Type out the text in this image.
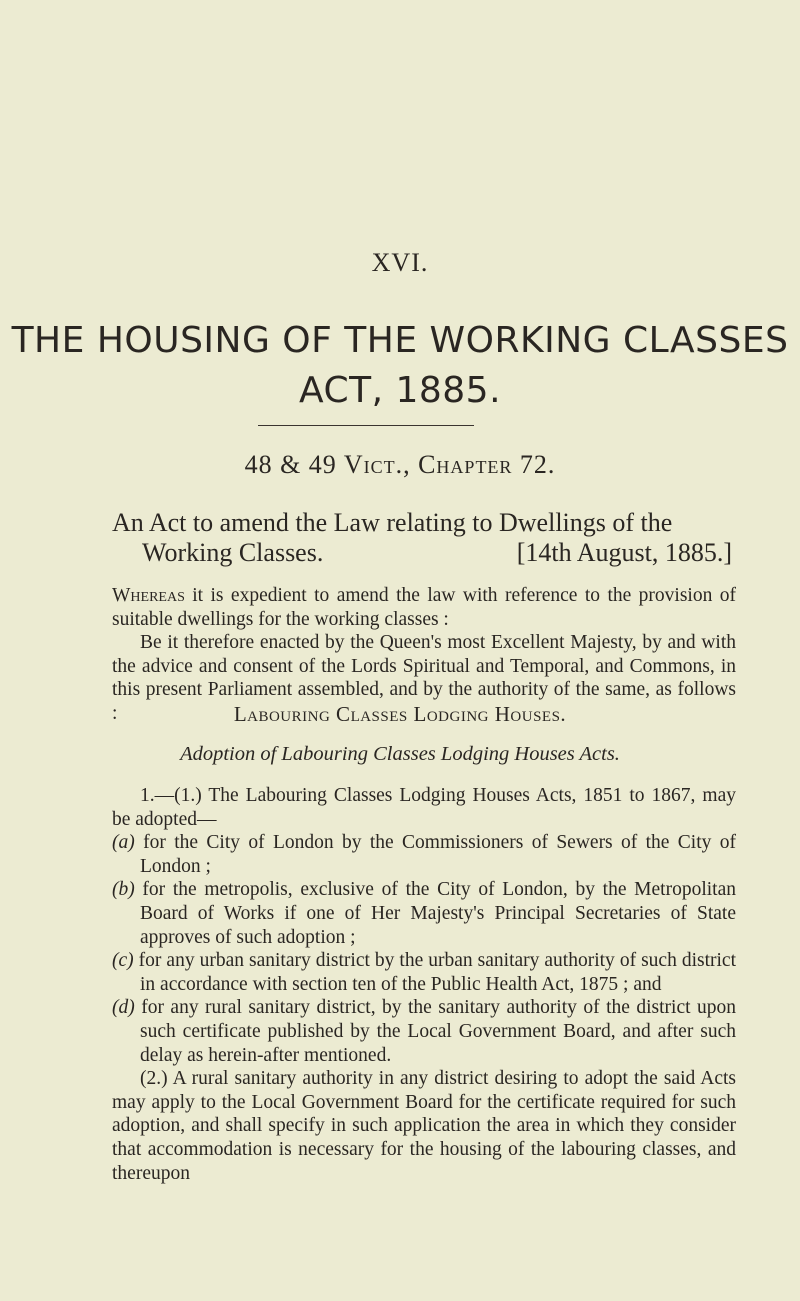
XVI.
THE HOUSING OF THE WORKING CLASSES
ACT, 1885.
48 & 49 Vict., Chapter 72.
An Act to amend the Law relating to Dwellings of the
Working Classes.	[14th August, 1885.]

Whereas it is expedient to amend the law with reference to the provision of suitable dwellings for the working classes :

Be it therefore enacted by the Queen's most Excellent Majesty, by and with the advice and consent of the Lords Spiritual and Temporal, and Commons, in this present Parliament assembled, and by the authority of the same, as follows :	Labouring Classes Lodging Houses.
Adoption of Labouring Classes Lodging Houses Acts.

1.—(1.) The Labouring Classes Lodging Houses Acts, 1851 to 1867, may be adopted—

(a) for the City of London by the Commissioners of Sewers of the City of London ;

(b) for the metropolis, exclusive of the City of London, by the Metropolitan Board of Works if one of Her Majesty's Principal Secretaries of State approves of such adoption ;

(c) for any urban sanitary district by the urban sanitary authority of such district in accordance with section ten of the Public Health Act, 1875 ; and

(d) for any rural sanitary district, by the sanitary authority of the district upon such certificate published by the Local Government Board, and after such delay as herein-after mentioned.

(2.) A rural sanitary authority in any district desiring to adopt the said Acts may apply to the Local Government Board for the certificate required for such adoption, and shall specify in such application the area in which they consider that accommodation is necessary for the housing of the labouring classes, and thereupon
